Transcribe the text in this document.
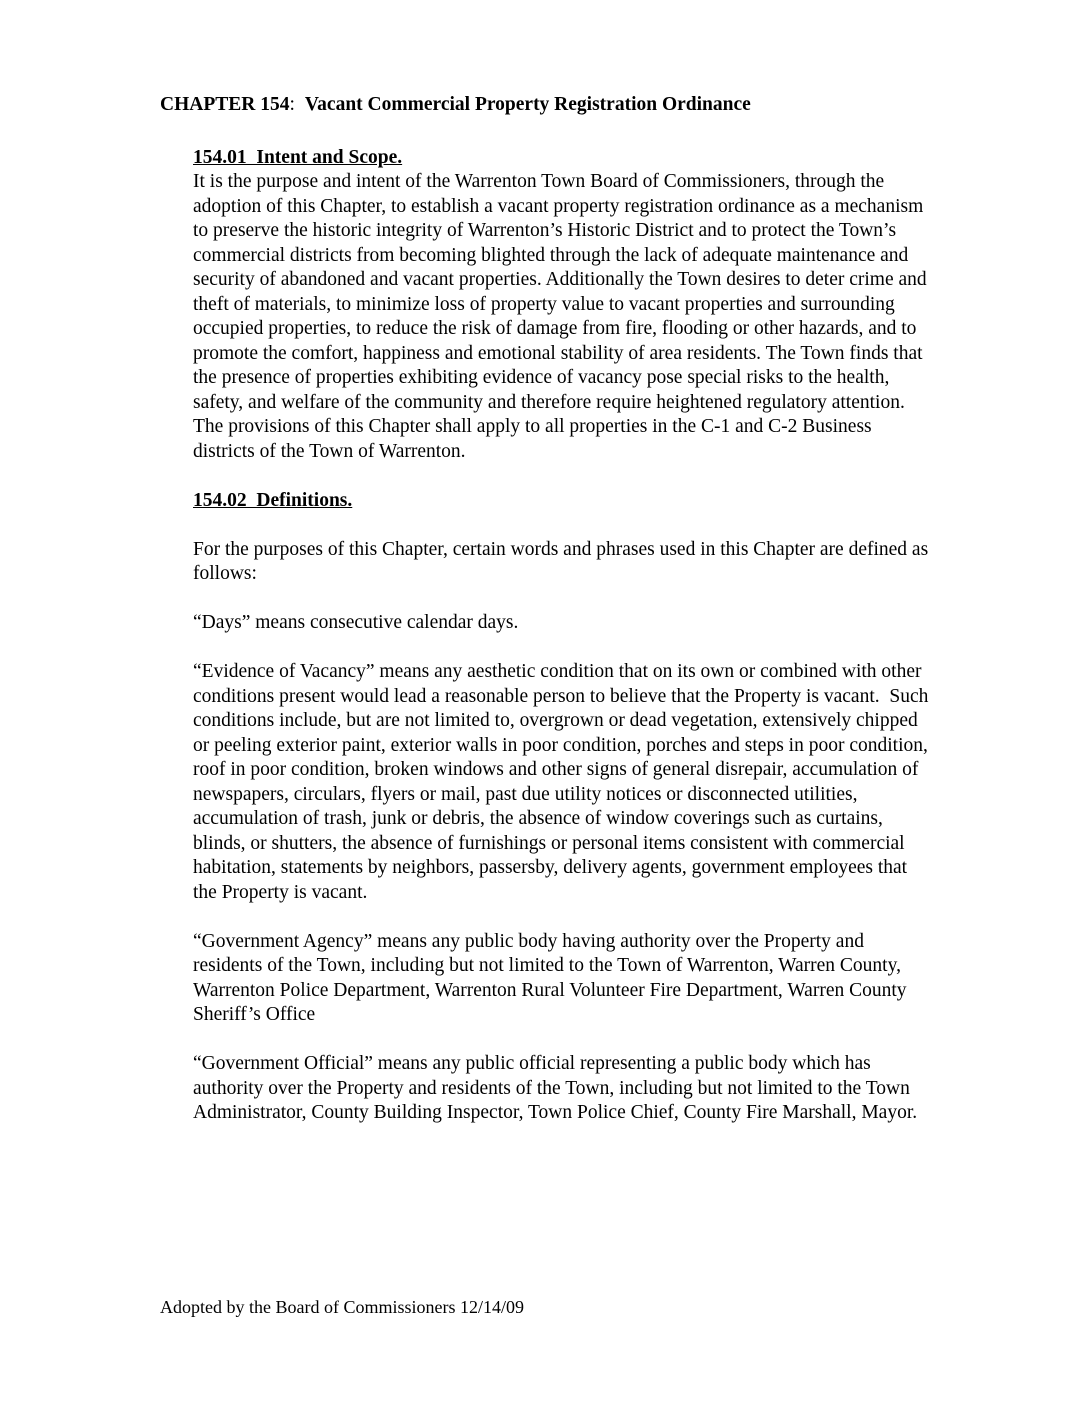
CHAPTER 154: Vacant Commercial Property Registration Ordinance
154.01  Intent and Scope.

It is the purpose and intent of the Warrenton Town Board of Commissioners, through the adoption of this Chapter, to establish a vacant property registration ordinance as a mechanism to preserve the historic integrity of Warrenton’s Historic District and to protect the Town’s commercial districts from becoming blighted through the lack of adequate maintenance and security of abandoned and vacant properties. Additionally the Town desires to deter crime and theft of materials, to minimize loss of property value to vacant properties and surrounding occupied properties, to reduce the risk of damage from fire, flooding or other hazards, and to promote the comfort, happiness and emotional stability of area residents. The Town finds that the presence of properties exhibiting evidence of vacancy pose special risks to the health, safety, and welfare of the community and therefore require heightened regulatory attention. The provisions of this Chapter shall apply to all properties in the C-1 and C-2 Business districts of the Town of Warrenton.

154.02  Definitions.

For the purposes of this Chapter, certain words and phrases used in this Chapter are defined as follows:

“Days” means consecutive calendar days.

“Evidence of Vacancy” means any aesthetic condition that on its own or combined with other conditions present would lead a reasonable person to believe that the Property is vacant.  Such conditions include, but are not limited to, overgrown or dead vegetation, extensively chipped or peeling exterior paint, exterior walls in poor condition, porches and steps in poor condition, roof in poor condition, broken windows and other signs of general disrepair, accumulation of newspapers, circulars, flyers or mail, past due utility notices or disconnected utilities, accumulation of trash, junk or debris, the absence of window coverings such as curtains, blinds, or shutters, the absence of furnishings or personal items consistent with commercial habitation, statements by neighbors, passersby, delivery agents, government employees that the Property is vacant.

“Government Agency” means any public body having authority over the Property and residents of the Town, including but not limited to the Town of Warrenton, Warren County, Warrenton Police Department, Warrenton Rural Volunteer Fire Department, Warren County Sheriff’s Office

“Government Official” means any public official representing a public body which has authority over the Property and residents of the Town, including but not limited to the Town Administrator, County Building Inspector, Town Police Chief, County Fire Marshall, Mayor.

Adopted by the Board of Commissioners 12/14/09
